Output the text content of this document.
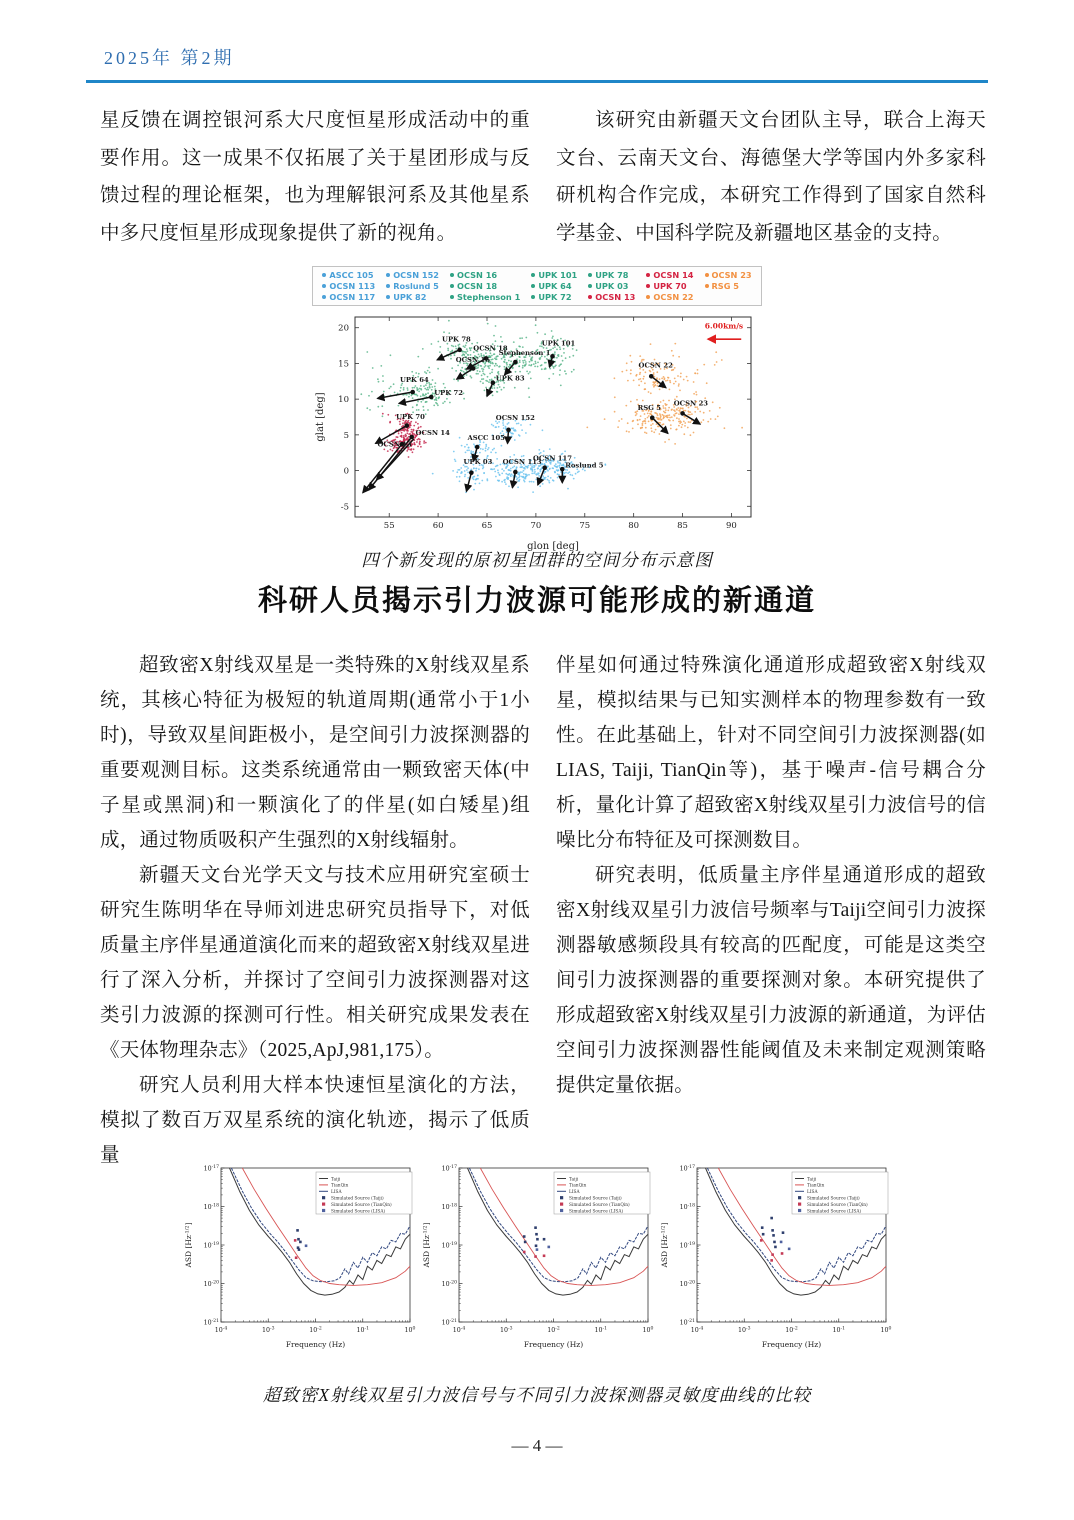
2025年 第2期

星反馈在调控银河系大尺度恒星形成活动中的重要作用。这一成果不仅拓展了关于星团形成与反馈过程的理论框架，也为理解银河系及其他星系中多尺度恒星形成现象提供了新的视角。

该研究由新疆天文台团队主导，联合上海天文台、云南天文台、海德堡大学等国内外多家科研机构合作完成，本研究工作得到了国家自然科学基金、中国科学院及新疆地区基金的支持。

ASCC 105 OCSN 152 OCSN 16	UPK 101 UPK 78	OCSN 14 OCSN 23
OCSN 113 Roslund 5 OCSN 18	UPK 64	UPK 03	UPK 70	RSG 5
OCSN 117 UPK 82	Stephenson 1 UPK 72	OCSN 13 OCSN 22
55	60	65	70	75	80	85	90
-5
0
5
10
15
20
glon [deg]
glat [deg]
UPK 78
OCSN 18
Stephenson 1
UPK 101
OCSN 16
UPK 83
UPK 64
UPK 72
UPK 70
OCSN 14
OCSN 13
OCSN 152
ASCC 105
UPK 03 OCSN 113
OCSN 117
Roslund 5
OCSN 22
RSG 5
OCSN 23
6.00km/s
四个新发现的原初星团群的空间分布示意图
科研人员揭示引力波源可能形成的新通道

超致密X射线双星是一类特殊的X射线双星系统，其核心特征为极短的轨道周期(通常小于1小时)，导致双星间距极小，是空间引力波探测器的重要观测目标。这类系统通常由一颗致密天体(中子星或黑洞)和一颗演化了的伴星(如白矮星)组成，通过物质吸积产生强烈的X射线辐射。

新疆天文台光学天文与技术应用研究室硕士研究生陈明华在导师刘进忠研究员指导下，对低质量主序伴星通道演化而来的超致密X射线双星进行了深入分析，并探讨了空间引力波探测器对这类引力波源的探测可行性。相关研究成果发表在《天体物理杂志》（2025,ApJ,981,175）。

研究人员利用大样本快速恒星演化的方法，模拟了数百万双星系统的演化轨迹，揭示了低质量

伴星如何通过特殊演化通道形成超致密X射线双星，模拟结果与已知实测样本的物理参数有一致性。在此基础上，针对不同空间引力波探测器(如LIAS, Taiji, TianQin等)，基于噪声-信号耦合分析，量化计算了超致密X射线双星引力波信号的信噪比分布特征及可探测数目。

研究表明，低质量主序伴星通道形成的超致密X射线双星引力波信号频率与Taiji空间引力波探测器敏感频段具有较高的匹配度，可能是这类空间引力波探测器的重要探测对象。本研究提供了形成超致密X射线双星引力波源的新通道，为评估空间引力波探测器性能阈值及未来制定观测策略提供定量依据。

$10^{-4}$	$10^{-3}$	$10^{-2}$	$10^{-1}$	$10^0$
$10^{-21}$
$10^{-20}$
$10^{-19}$
$10^{-18}$
$10^{-17}$
Frequency (Hz)
ASD $[Hz^{-1/2}]$
Taiji
TianQin
LISA
Simulated Source (Taiji)
Simulated Source (TianQin)
Simulated Source (LISA)
$10^{-4}$	$10^{-3}$	$10^{-2}$	$10^{-1}$	$10^0$
$10^{-21}$
$10^{-20}$
$10^{-19}$
$10^{-18}$
$10^{-17}$
Frequency (Hz)
ASD $[Hz^{-1/2}]$
Taiji
TianQin
LISA
Simulated Source (Taiji)
Simulated Source (TianQin)
Simulated Source (LISA)
$10^{-4}$	$10^{-3}$	$10^{-2}$	$10^{-1}$	$10^0$
$10^{-21}$
$10^{-20}$
$10^{-19}$
$10^{-18}$
$10^{-17}$
Frequency (Hz)
ASD $[Hz^{-1/2}]$
Taiji
TianQin
LISA
Simulated Source (Taiji)
Simulated Source (TianQin)
Simulated Source (LISA)
超致密X射线双星引力波信号与不同引力波探测器灵敏度曲线的比较
— 4 —
